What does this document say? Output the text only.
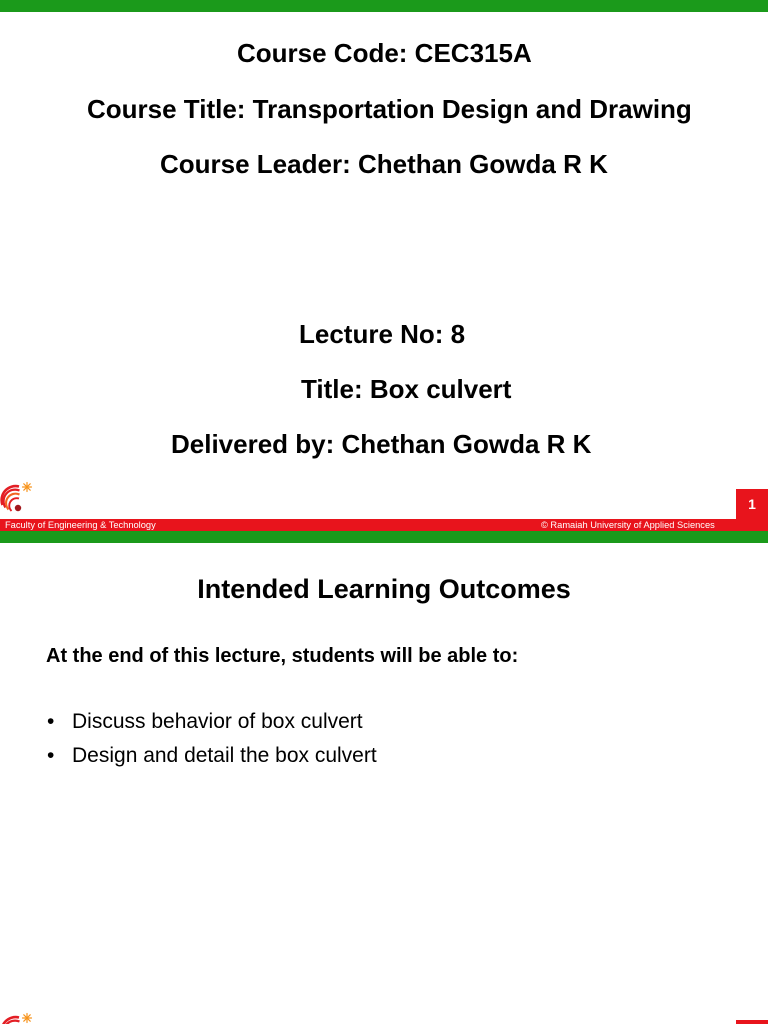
Course Code: CEC315A
Course Title: Transportation Design and Drawing
Course Leader: Chethan Gowda R K
Lecture No: 8
Title: Box culvert
Delivered by: Chethan Gowda R K
1
Faculty of Engineering & Technology	© Ramaiah University of Applied Sciences
Intended Learning Outcomes
At the end of this lecture, students will be able to:
• Discuss behavior of box culvert
• Design and detail the box culvert
